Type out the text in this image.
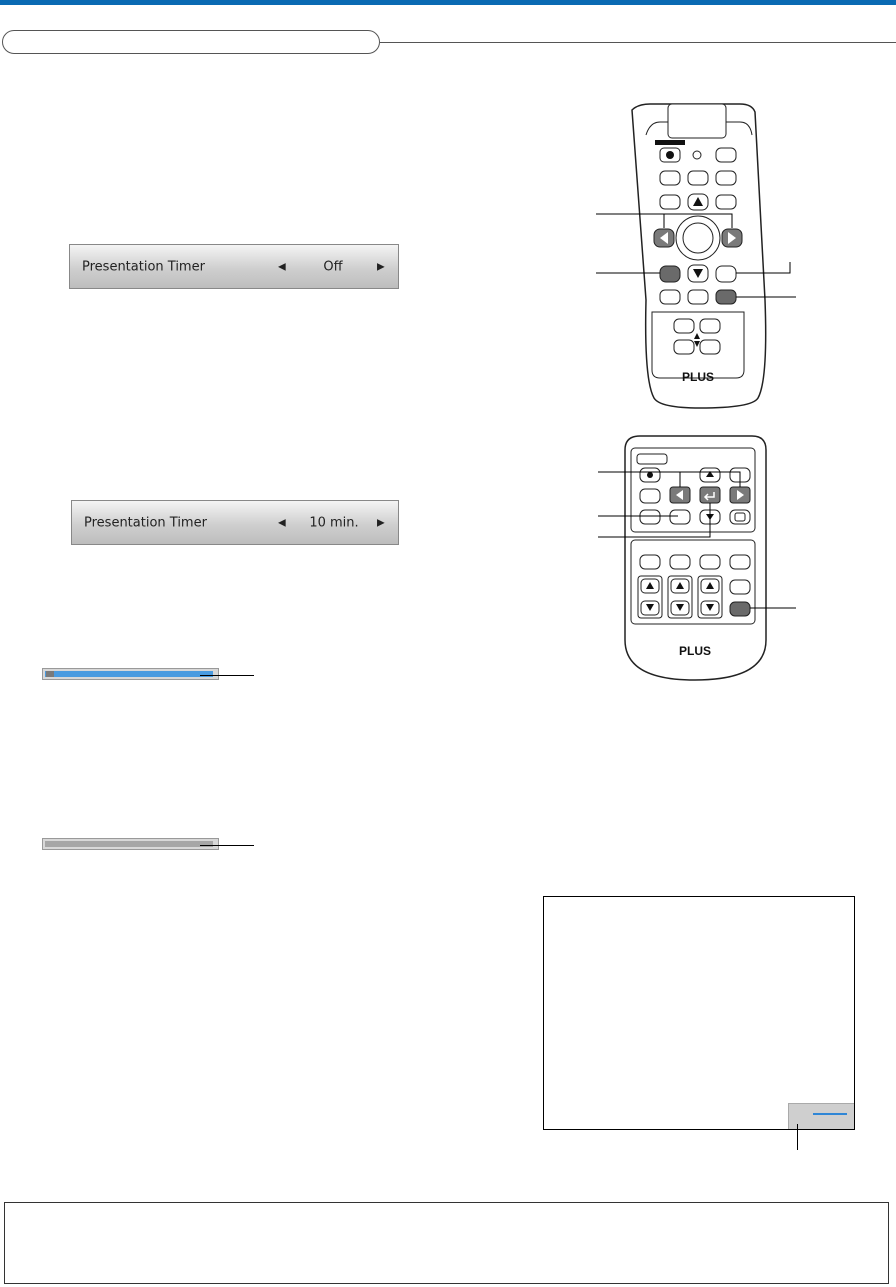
Presentation Timer	◀	Off	▶
Presentation Timer	◀	10 min.	▶
PLUS
PLUS
